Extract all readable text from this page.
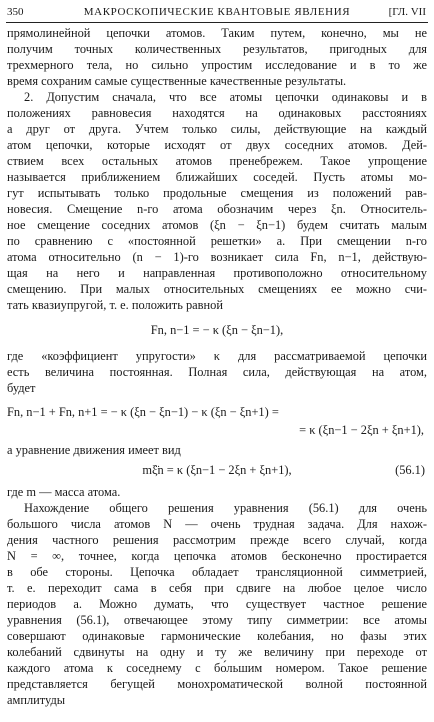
350	МАКРОСКОПИЧЕСКИЕ КВАНТОВЫЕ ЯВЛЕНИЯ	[ГЛ. VII
прямолинейной цепочки атомов. Таким путем, конечно, мы не
получим точных количественных результатов, пригодных для
трехмерного тела, но сильно упростим исследование и в то же
время сохраним самые существенные качественные результаты.
2. Допустим сначала, что все атомы цепочки одинаковы и в
положениях равновесия находятся на одинаковых расстояниях
a друг от друга. Учтем только силы, действующие на каждый
атом цепочки, которые исходят от двух соседних атомов. Дей-
ствием всех остальных атомов пренебрежем. Такое упрощение
называется приближением ближайших соседей. Пусть атомы мо-
гут испытывать только продольные смещения из положений рав-
новесия. Смещение n-го атома обозначим через ξn. Относитель-
ное смещение соседних атомов (ξn − ξn−1) будем считать малым
по сравнению с «постоянной решетки» a. При смещении n-го
атома относительно (n − 1)-го возникает сила Fn, n−1, действую-
щая на него и направленная противоположно относительному
смещению. При малых относительных смещениях ее можно счи-
тать квазиупругой, т. е. положить равной
Fn, n−1 = − κ (ξn − ξn−1),
где «коэффициент упругости» κ для рассматриваемой цепочки
есть величина постоянная. Полная сила, действующая на атом,
будет
Fn, n−1 + Fn, n+1 = − κ (ξn − ξn−1) − κ (ξn − ξn+1) =
= κ (ξn−1 − 2ξn + ξn+1),
а уравнение движения имеет вид
mξ̈n = κ (ξn−1 − 2ξn + ξn+1),	(56.1)
где m — масса атома.
Нахождение общего решения уравнения (56.1) для очень
большого числа атомов N — очень трудная задача. Для нахож-
дения частного решения рассмотрим прежде всего случай, когда
N = ∞, точнее, когда цепочка атомов бесконечно простирается
в обе стороны. Цепочка обладает трансляционной симметрией,
т. е. переходит сама в себя при сдвиге на любое целое число
периодов a. Можно думать, что существует частное решение
уравнения (56.1), отвечающее этому типу симметрии: все атомы
совершают одинаковые гармонические колебания, но фазы этих
колебаний сдвинуты на одну и ту же величину при переходе от
каждого атома к соседнему с бо́льшим номером. Такое решение
представляется бегущей монохроматической волной постоянной
амплитуды
